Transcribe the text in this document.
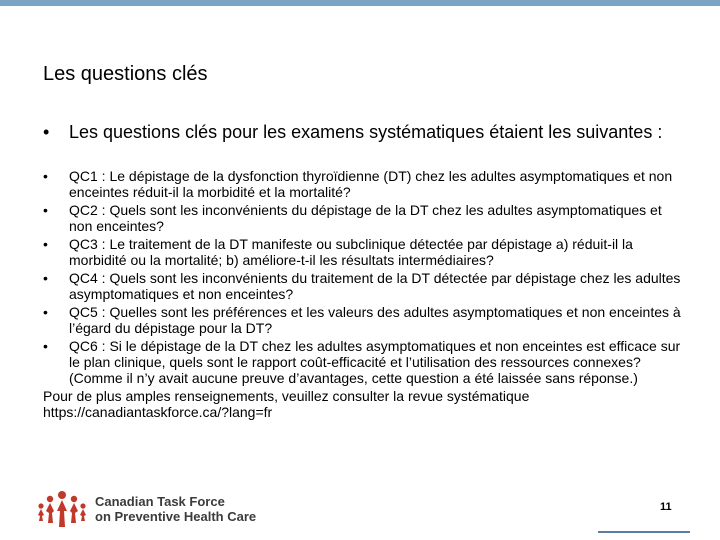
Les questions clés
• Les questions clés pour les examens systématiques étaient les suivantes :
• QC1 : Le dépistage de la dysfonction thyroïdienne (DT) chez les adultes asymptomatiques et non enceintes réduit-il la morbidité et la mortalité?
• QC2 : Quels sont les inconvénients du dépistage de la DT chez les adultes asymptomatiques et non enceintes?
• QC3 : Le traitement de la DT manifeste ou subclinique détectée par dépistage a) réduit-il la morbidité ou la mortalité; b) améliore-t-il les résultats intermédiaires?
• QC4 : Quels sont les inconvénients du traitement de la DT détectée par dépistage chez les adultes asymptomatiques et non enceintes?
• QC5 : Quelles sont les préférences et les valeurs des adultes asymptomatiques et non enceintes à l’égard du dépistage pour la DT?
• QC6 : Si le dépistage de la DT chez les adultes asymptomatiques et non enceintes est efficace sur le plan clinique, quels sont le rapport coût-efficacité et l’utilisation des ressources connexes? (Comme il n’y avait aucune preuve d’avantages, cette question a été laissée sans réponse.)
Pour de plus amples renseignements, veuillez consulter la revue systématique
https://canadiantaskforce.ca/?lang=fr
Canadian Task Force
on Preventive Health Care
11
